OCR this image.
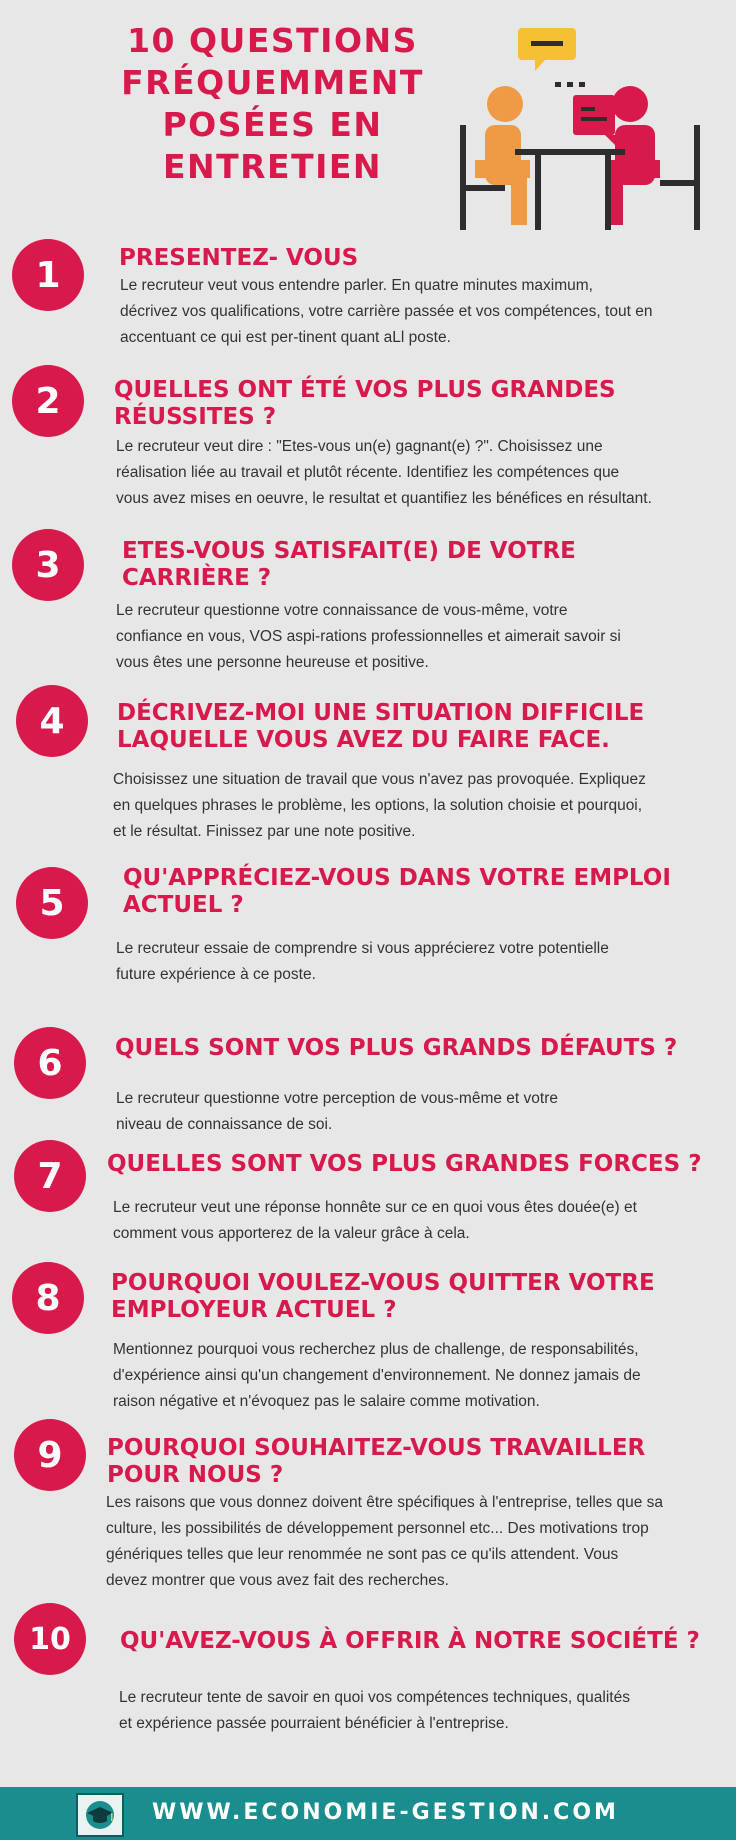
10 QUESTIONS
FRÉQUEMMENT
POSÉES EN
ENTRETIEN
1	PRESENTEZ- VOUS
Le recruteur veut vous entendre parler. En quatre minutes maximum,
décrivez vos qualifications, votre carrière passée et vos compétences, tout en
accentuant ce qui est per-tinent quant aLl poste.
2	QUELLES ONT ÉTÉ VOS PLUS GRANDES
RÉUSSITES ?
Le recruteur veut dire : "Etes-vous un(e) gagnant(e) ?". Choisissez une
réalisation liée au travail et plutôt récente. Identifiez les compétences que
vous avez mises en oeuvre, le resultat et quantifiez les bénéfices en résultant.
3	ETES-VOUS SATISFAIT(E) DE VOTRE
CARRIÈRE ?
Le recruteur questionne votre connaissance de vous-même, votre
confiance en vous, VOS aspi-rations professionnelles et aimerait savoir si
vous êtes une personne heureuse et positive.
4	DÉCRIVEZ-MOI UNE SITUATION DIFFICILE
LAQUELLE VOUS AVEZ DU FAIRE FACE.
Choisissez une situation de travail que vous n'avez pas provoquée. Expliquez
en quelques phrases le problème, les options, la solution choisie et pourquoi,
et le résultat. Finissez par une note positive.
5
QU'APPRÉCIEZ-VOUS DANS VOTRE EMPLOI
ACTUEL ?
Le recruteur essaie de comprendre si vous apprécierez votre potentielle
future expérience à ce poste.
6	QUELS SONT VOS PLUS GRANDS DÉFAUTS ?
Le recruteur questionne votre perception de vous-même et votre
niveau de connaissance de soi.
7	QUELLES SONT VOS PLUS GRANDES FORCES ?
Le recruteur veut une réponse honnête sur ce en quoi vous êtes douée(e) et
comment vous apporterez de la valeur grâce à cela.
8	POURQUOI VOULEZ-VOUS QUITTER VOTRE
EMPLOYEUR ACTUEL ?
Mentionnez pourquoi vous recherchez plus de challenge, de responsabilités,
d'expérience ainsi qu'un changement d'environnement. Ne donnez jamais de
raison négative et n'évoquez pas le salaire comme motivation.
9	POURQUOI SOUHAITEZ-VOUS TRAVAILLER
POUR NOUS ?
Les raisons que vous donnez doivent être spécifiques à l'entreprise, telles que sa
culture, les possibilités de développement personnel etc... Des motivations trop
génériques telles que leur renommée ne sont pas ce qu'ils attendent. Vous
devez montrer que vous avez fait des recherches.
10	QU'AVEZ-VOUS À OFFRIR À NOTRE SOCIÉTÉ ?
Le recruteur tente de savoir en quoi vos compétences techniques, qualités
et expérience passée pourraient bénéficier à l'entreprise.
WWW.ECONOMIE-GESTION.COM
